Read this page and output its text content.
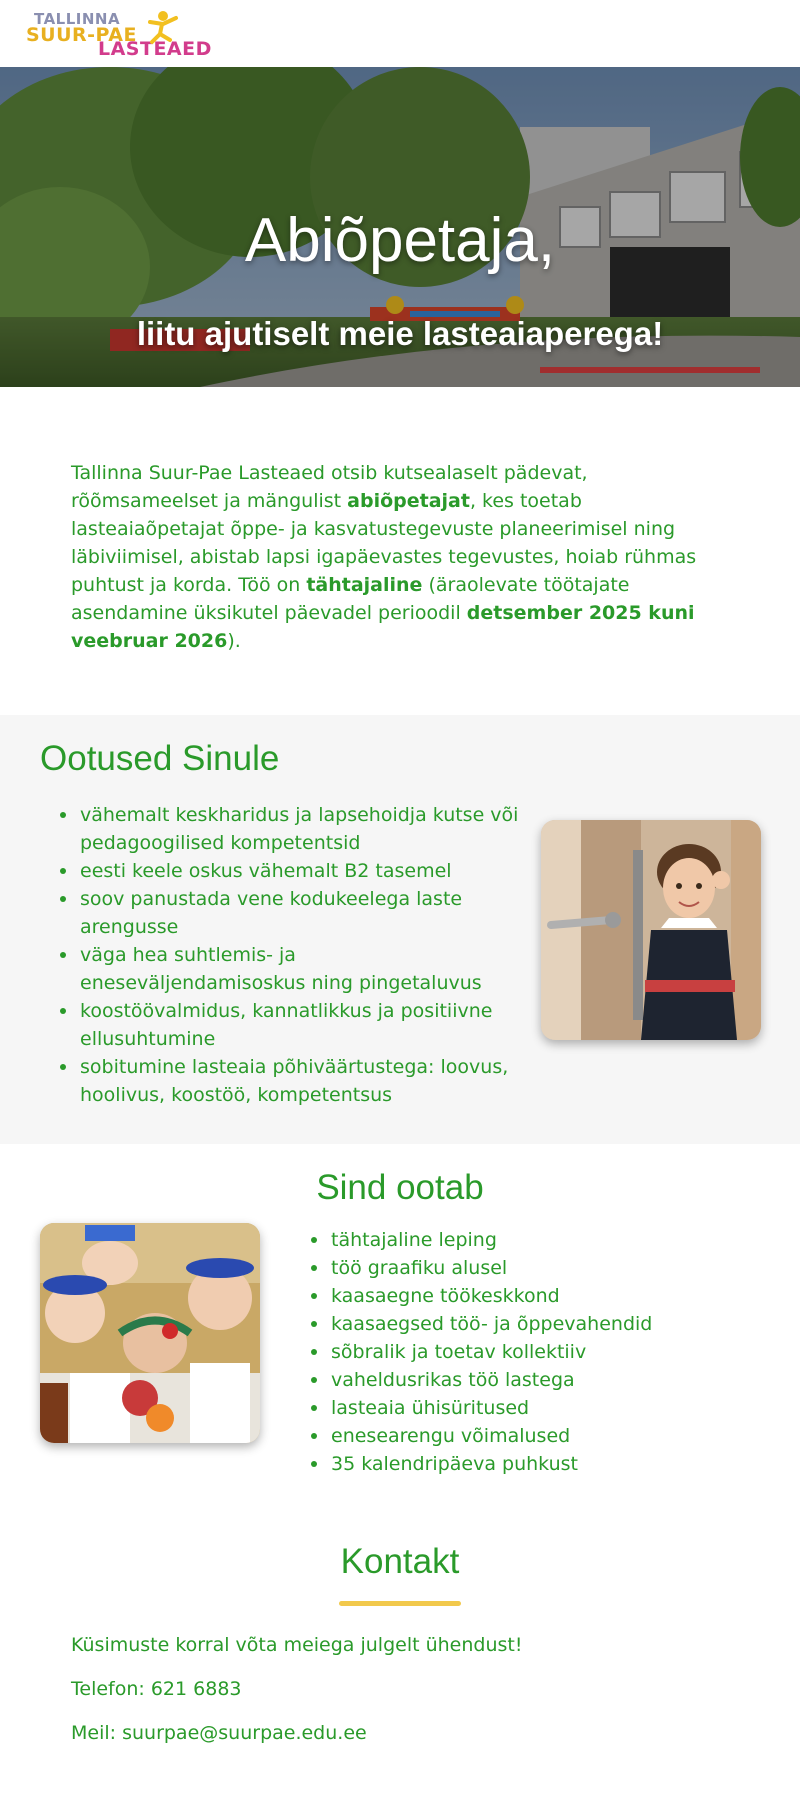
TALLINNA
SUUR-PAE
LASTEAED
Abiõpetaja,
liitu ajutiselt meie lasteaiaperega!
Tallinna Suur-Pae Lasteaed otsib kutsealaselt pädevat, rõõmsameelset ja mängulist abiõpetajat, kes toetab lasteaiaõpetajat õppe- ja kasvatustegevuste planeerimisel ning läbiviimisel, abistab lapsi igapäevastes tegevustes, hoiab rühmas puhtust ja korda. Töö on tähtajaline (äraolevate töötajate asendamine üksikutel päevadel perioodil detsember 2025 kuni veebruar 2026).
Ootused Sinule
vähemalt keskharidus ja lapsehoidja kutse või pedagoogilised kompetentsid
eesti keele oskus vähemalt B2 tasemel
soov panustada vene kodukeelega laste arengusse
väga hea suhtlemis- ja eneseväljendamisoskus ning pingetaluvus
koostöövalmidus, kannatlikkus ja positiivne ellusuhtumine
sobitumine lasteaia põhiväärtustega: loovus, hoolivus, koostöö, kompetentsus
Sind ootab
tähtajaline leping
töö graafiku alusel
kaasaegne töökeskkond
kaasaegsed töö- ja õppevahendid
sõbralik ja toetav kollektiiv
vaheldusrikas töö lastega
lasteaia ühisüritused
enesearengu võimalused
35 kalendripäeva puhkust
Kontakt

Küsimuste korral võta meiega julgelt ühendust!

Telefon: 621 6883

Meil: suurpae@suurpae.edu.ee
